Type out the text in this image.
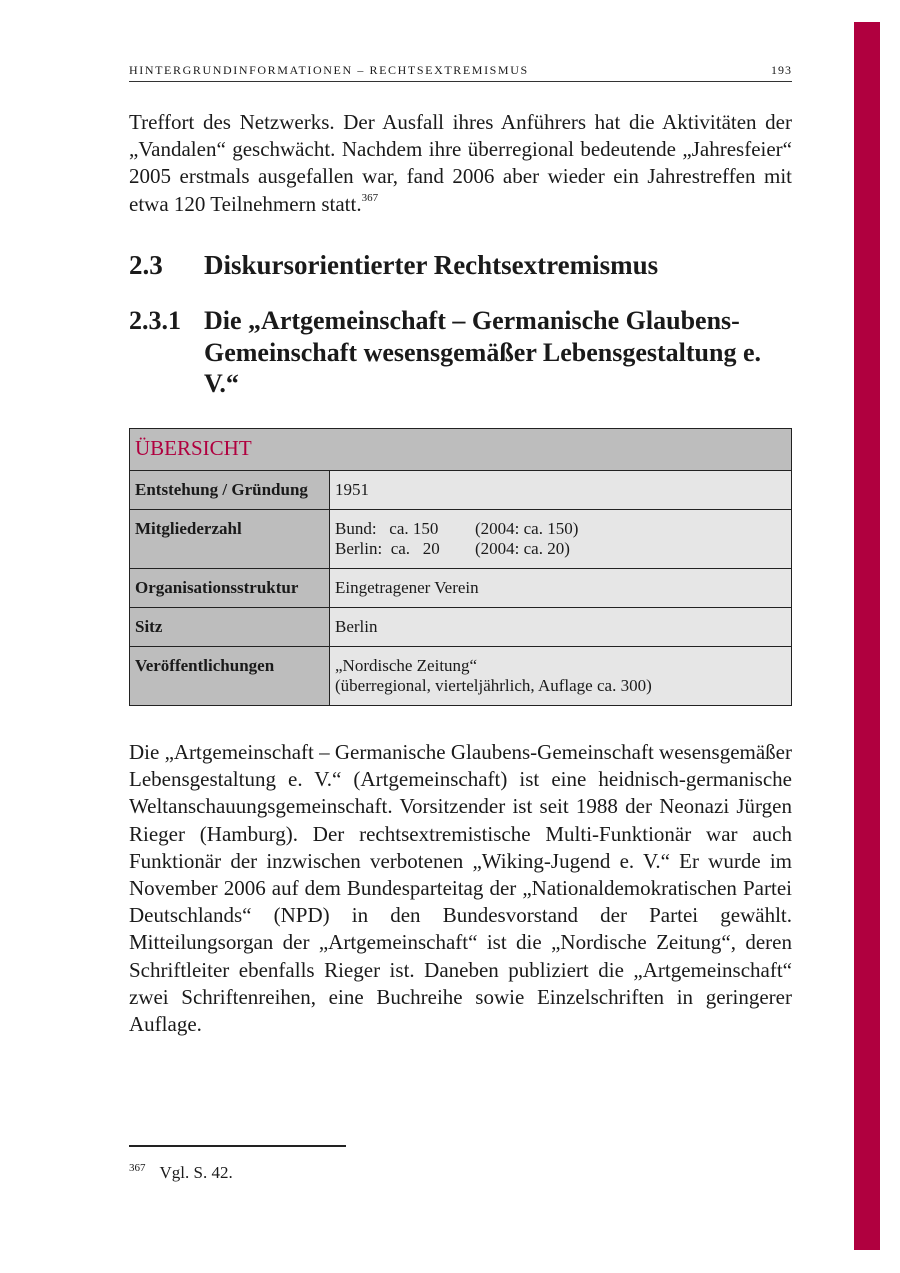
HINTERGRUNDINFORMATIONEN – RECHTSEXTREMISMUS	193

Treffort des Netzwerks. Der Ausfall ihres Anführers hat die Aktivitäten der „Vandalen“ geschwächt. Nachdem ihre überregional bedeutende „Jahresfeier“ 2005 erstmals ausgefallen war, fand 2006 aber wieder ein Jahrestreffen mit etwa 120 Teilnehmern statt.$^{367}$

2.3 Diskursorientierter Rechtsextremismus
2.3.1 Die „Artgemeinschaft – Germanische Glaubens-Gemeinschaft wesensgemäßer Lebensgestaltung e. V.“
ÜBERSICHT	
Entstehung / Gründung	1951

Mitgliederzahl	Bund:   ca. 150 (2004: ca. 150)
Berlin:  ca.   20 (2004: ca. 20)

Organisationsstruktur	Eingetragener Verein

Sitz	Berlin

Veröffentlichungen	„Nordische Zeitung“
(überregional, vierteljährlich, Auflage ca. 300)

Die „Artgemeinschaft – Germanische Glaubens-Gemeinschaft wesensgemäßer Lebensgestaltung e. V.“ (Artgemeinschaft) ist eine heidnisch-germanische Weltanschauungsgemeinschaft. Vorsitzender ist seit 1988 der Neonazi Jürgen Rieger (Hamburg). Der rechtsextremistische Multi-Funktionär war auch Funktionär der inzwischen verbotenen „Wiking-Jugend e. V.“ Er wurde im November 2006 auf dem Bundesparteitag der „Nationaldemokratischen Partei Deutschlands“ (NPD) in den Bundesvorstand der Partei gewählt. Mitteilungsorgan der „Artgemeinschaft“ ist die „Nordische Zeitung“, deren Schriftleiter ebenfalls Rieger ist. Daneben publiziert die „Artgemeinschaft“ zwei Schriftenreihen, eine Buchreihe sowie Einzelschriften in geringerer Auflage.

$^{367}$ Vgl. S. 42.
